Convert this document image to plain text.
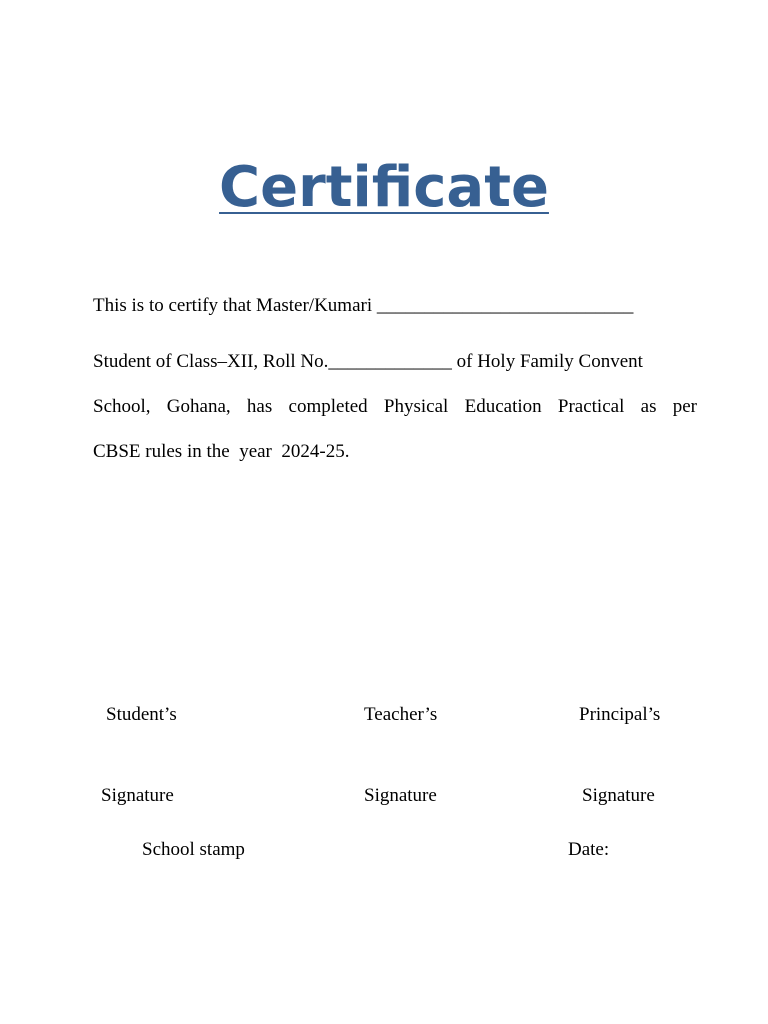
Certificate
This is to certify that Master/Kumari ___________________________
Student of Class–XII, Roll No._____________ of Holy Family Convent
School, Gohana, has completed Physical Education Practical as per
CBSE rules in the  year  2024-25.

Student’s

Signature

Teacher’s

Signature

Principal’s

Signature

School stamp	Date:
